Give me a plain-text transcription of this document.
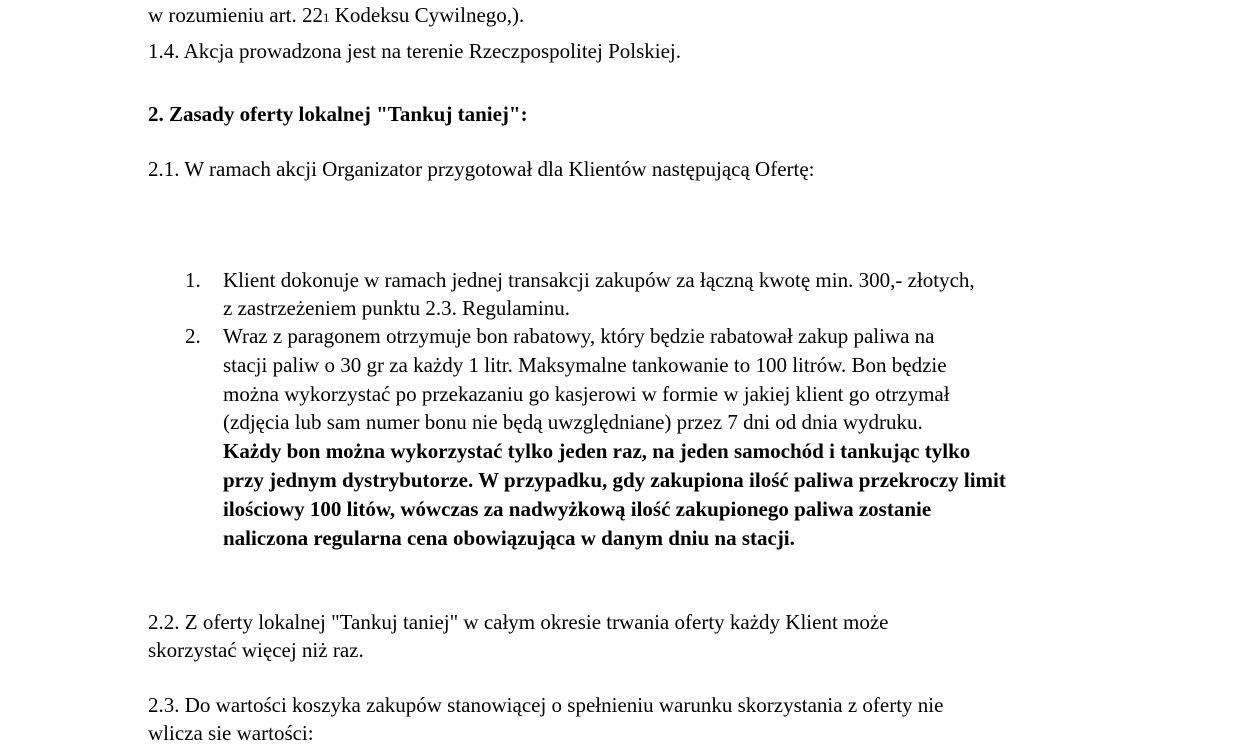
w rozumieniu art. 221 Kodeksu Cywilnego,).
1.4. Akcja prowadzona jest na terenie Rzeczpospolitej Polskiej.
2. Zasady oferty lokalnej "Tankuj taniej":
2.1. W ramach akcji Organizator przygotował dla Klientów następującą Ofertę:
1. Klient dokonuje w ramach jednej transakcji zakupów za łączną kwotę min. 300,- złotych,
z zastrzeżeniem punktu 2.3. Regulaminu.
2. Wraz z paragonem otrzymuje bon rabatowy, który będzie rabatował zakup paliwa na
stacji paliw o 30 gr za każdy 1 litr. Maksymalne tankowanie to 100 litrów. Bon będzie
można wykorzystać po przekazaniu go kasjerowi w formie w jakiej klient go otrzymał
(zdjęcia lub sam numer bonu nie będą uwzględniane) przez 7 dni od dnia wydruku.
Każdy bon można wykorzystać tylko jeden raz, na jeden samochód i tankując tylko
przy jednym dystrybutorze. W przypadku, gdy zakupiona ilość paliwa przekroczy limit
ilościowy 100 litów, wówczas za nadwyżkową ilość zakupionego paliwa zostanie
naliczona regularna cena obowiązująca w danym dniu na stacji.
2.2. Z oferty lokalnej "Tankuj taniej" w całym okresie trwania oferty każdy Klient może
skorzystać więcej niż raz.
2.3. Do wartości koszyka zakupów stanowiącej o spełnieniu warunku skorzystania z oferty nie
wlicza sie wartości:
